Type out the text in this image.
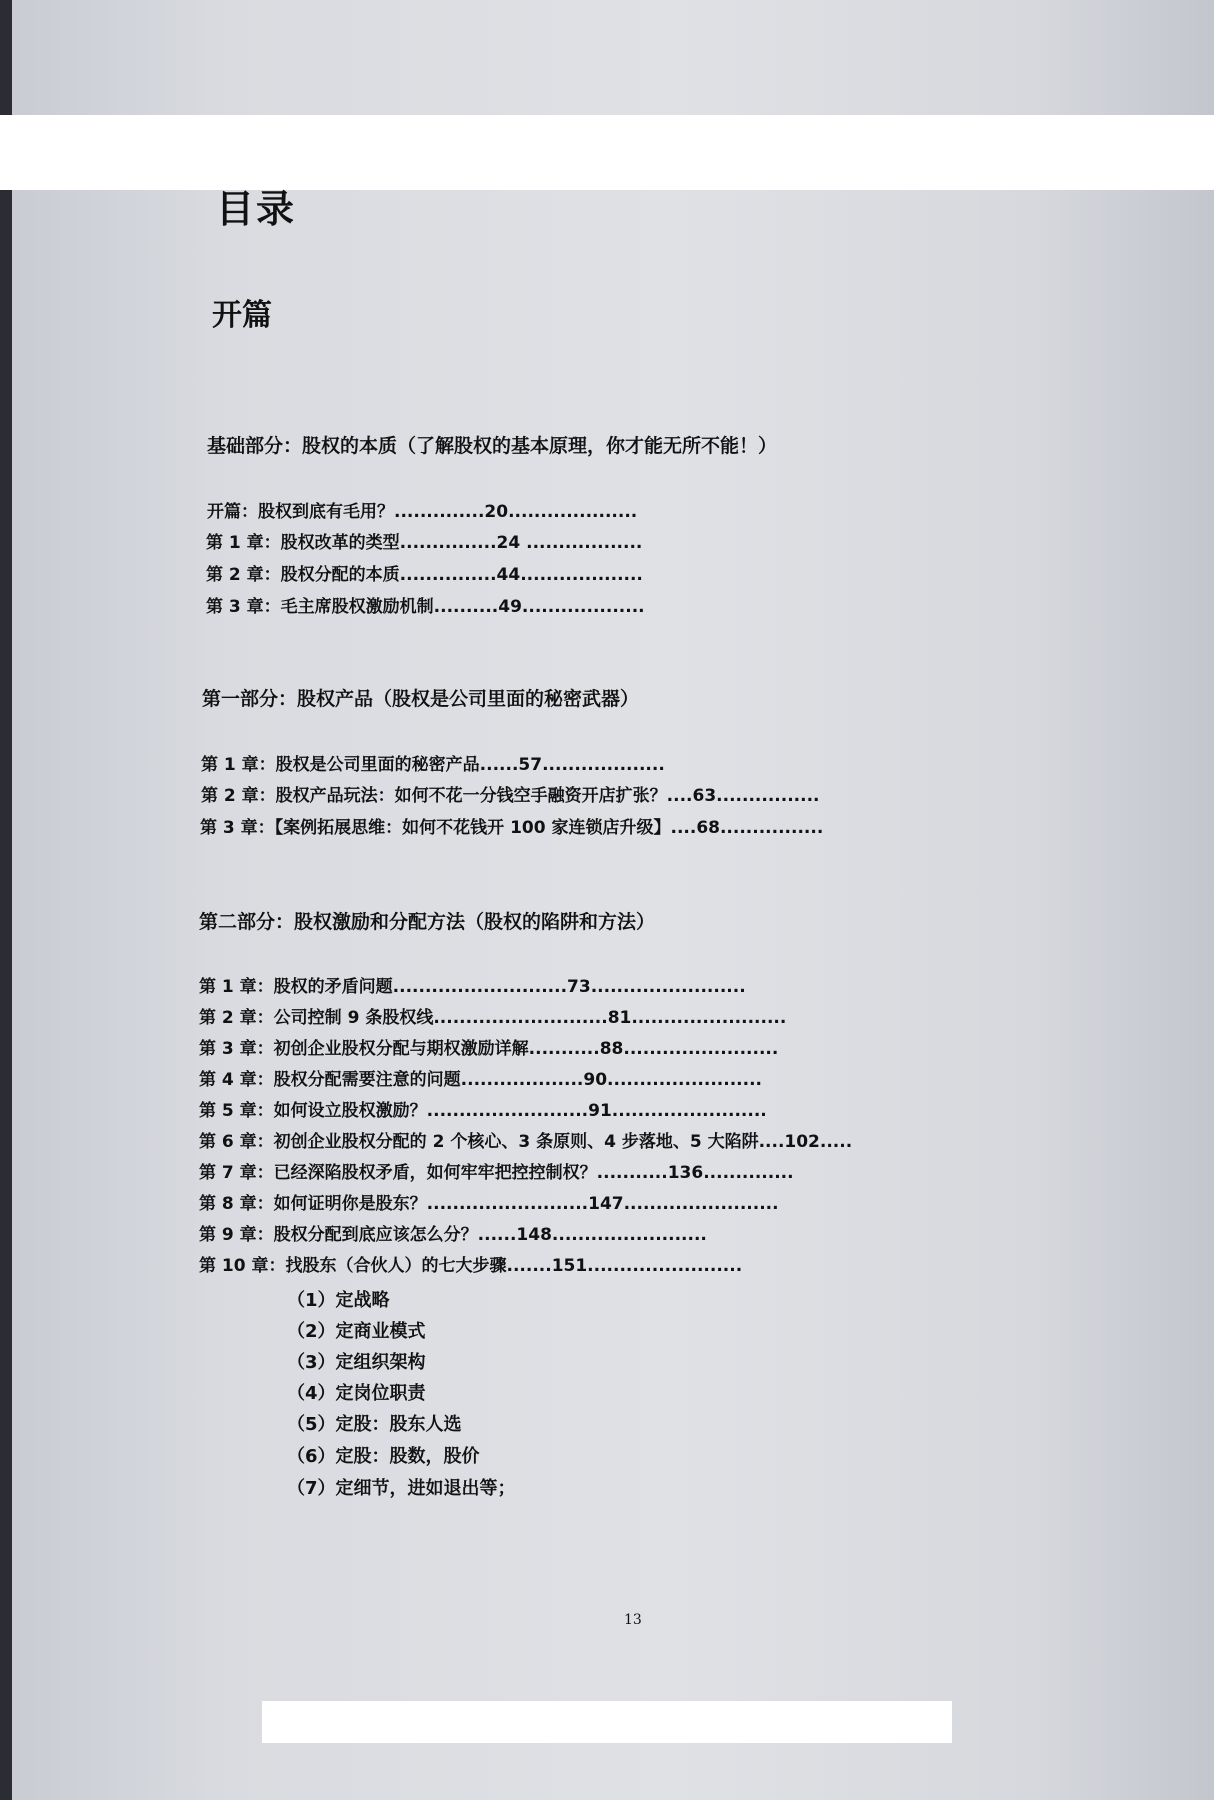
目录
开篇
基础部分：股权的本质（了解股权的基本原理，你才能无所不能！）
开篇：股权到底有毛用？..............20....................
第 1 章：股权改革的类型...............24 ..................
第 2 章：股权分配的本质...............44...................
第 3 章：毛主席股权激励机制..........49...................
第一部分：股权产品（股权是公司里面的秘密武器）
第 1 章：股权是公司里面的秘密产品......57...................
第 2 章：股权产品玩法：如何不花一分钱空手融资开店扩张？....63................
第 3 章：【案例拓展思维：如何不花钱开 100 家连锁店升级】....68................
第二部分：股权激励和分配方法（股权的陷阱和方法）
第 1 章：股权的矛盾问题...........................73........................
第 2 章：公司控制 9 条股权线...........................81........................
第 3 章：初创企业股权分配与期权激励详解...........88........................
第 4 章：股权分配需要注意的问题...................90........................
第 5 章：如何设立股权激励？.........................91........................
第 6 章：初创企业股权分配的 2 个核心、3 条原则、4 步落地、5 大陷阱....102.....
第 7 章：已经深陷股权矛盾，如何牢牢把控控制权？...........136..............
第 8 章：如何证明你是股东？.........................147........................
第 9 章：股权分配到底应该怎么分？......148........................
第 10 章：找股东（合伙人）的七大步骤.......151........................
（1）定战略
（2）定商业模式
（3）定组织架构
（4）定岗位职责
（5）定股：股东人选
（6）定股：股数，股价
（7）定细节，进如退出等；
13
